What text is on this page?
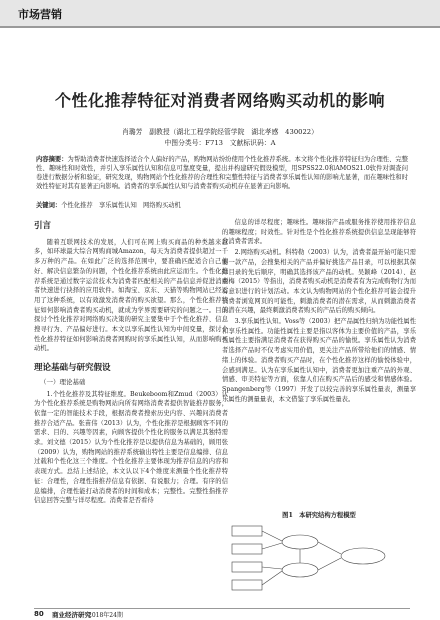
市场营销
个性化推荐特征对消费者网络购买动机的影响
肖璐芳　副教授（湖北工程学院经管学院　湖北孝感　430022）
中图分类号：F713　文献标识码：A
内容摘要：为帮助消费者快速选择适合个人偏好的产品，购物网站纷纷使用个性化推荐系统。本文将个性化推荐特征归为合理性、完整性、趣味性和时效性，并引入享乐属性认知和信息可靠度变量，提出并构建研究假设模型，用SPSS22.0和AMOS21.0软件对调查问卷进行数据分析和验证，研究发现，购物网站个性化推荐的合理性和完整性特征与消费者享乐属性认知的影响尤显著，而在趣味性和时效性特征对其有显著正向影响。消费者的享乐属性认知与消费者购买动机存在显著正向影响。
关键词：个性化推荐　享乐属性认知　网络购买动机
引言
随着互联网技术的发展，人们可在网上购买商品的种类越来越多，如环球最大综合网购商城Amazon，每天为消费者提供超过一千多万种的产品。在如此广泛的选择范围中，要准确匹配适合自己偏好、解决信息繁杂的问题，个性化推荐系统由此应运而生。个性化推荐系统是通过数字运营技术为消费者匹配相关的产品信息并促进消费者快速进行抉择的应用软件。如淘宝、京东、天猫等购物网站已经运用了这种系统，以有效激发消费者的购买欲望。那么，个性化推荐特征如何影响消费者购买动机，就成为学界需要研究的问题之一。目前探讨个性化推荐对网络购买决策的研究主要集中于个性化推荐、信息搜寻行为、产品偏好进行。本文以享乐属性认知为中间变量，探讨个性化推荐特征如何影响消费者网购时的享乐属性认知，从而影响购买动机。
理论基础与研究假设
（一）理论基础
1.个性化推荐及其特征维度。Beukeboom和Zmud（2003）认为个性化推荐系统是购物网站向所有网络消费者提供智能推荐服务，依靠一定的智能技术手段，根据消费者搜索历史内容、兴趣问消费者推荐合适产品。张苗伟（2013）认为，个性化推荐是根据顾客不同的需求、目的、兴趣等因素，向顾客提供个性化的服务以满足其独特需求。刘文德（2015）认为个性化推荐是以提供信息为基础的，顾用张（2009）认为，购物网站的推荐系统输出特性主要是信息编排、信息过载和个性化这三个维度。个性化推荐主要体现为推荐信息的内容和表现方式。总结上述结论，本文认以下4个维度来测量个性化推荐特征：合理性，合理性指推荐信息有依据、有说服力；合理。有序的信息编排，合理性能打动消费者的时间和成本；完整性。完整性指推荐信息回答完整与详尽程度。消费者是否看待
信息的详尽程度；趣味性。趣味指产品或服务推荐使用推荐信息的趣味程度；时效性。针对性是个性化推荐系统提供信息呈现能够符合消费者需求。
2.网络购买动机。科特勒（2003）认为，消费者最开始可能只需要一款产品，会搜集相关的产品并偏好挑选产品目录，可以根据其保障目录的先后顺序，明确其选择该产品的动机。吴颖峰（2014）、赵丽梅（2015）等指出，消费者购买动机是消费者有为完成购物行为而有意识进行的计划活动。本文认为购物网站的个性化推荐可能会提升消费者浏览网页的可能性，刺激消费者的潜在需求，从而刺激消费者的潜在兴趣，最终刺激消费者购买的产品后的购买倾向。
3.享乐属性认知。Voss等（2003）把产品属性归纳为功能性属性和享乐性属性。功能性属性主要是指以客体为主要价值的产品，享乐性属性主要指满足消费者在获得购买产品的愉悦。享乐属性认为消费者选择产品时不仅考虑实用价值，更关注产品所带给他们的情感、情绪上的体验。消费者购买产品时，在个性化推荐这样的愉悦体验中，会感到满足。认为在享乐属性认知中，消费者更加注重产品的外观、情感、审美特征等方面，依靠人们在购买产品后的感受和情感体验。Spangenberg等（1997）开发了以较完善的享乐属性量表，测量享乐属性的测量量表，本文借鉴了享乐属性量表。
图1　本研究结构方程模型
80 商业经济研究
2018年24期
